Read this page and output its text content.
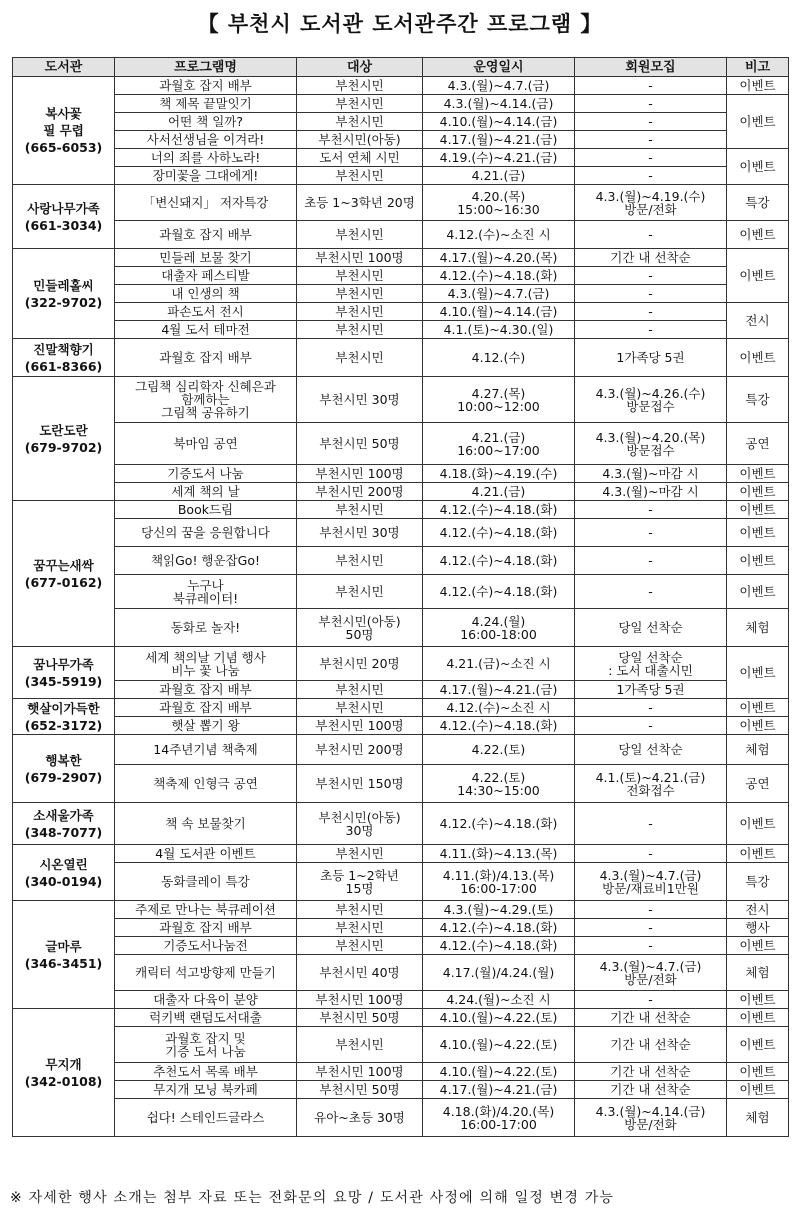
【 부천시 도서관 도서관주간 프로그램 】
도서관	프로그램명	대상	운영일시	회원모집	비고

복사꽃
필 무렵
(665-6053)	과월호 잡지 배부	부천시민	4.3.(월)~4.7.(금)	-	이벤트
	책 제목 끝말잇기	부천시민	4.3.(월)~4.14.(금)	-	이벤트
	어떤 책 일까?	부천시민	4.10.(월)~4.14.(금)	-	
	사서선생님을 이겨라!	부천시민(아동)	4.17.(월)~4.21.(금)	-	
	너의 죄를 사하노라!	도서 연체 시민	4.19.(수)~4.21.(금)	-	이벤트
	장미꽃을 그대에게!	부천시민	4.21.(금)	-	

사랑나무가족
(661-3034)	「변신돼지」 저자특강	초등 1~3학년 20명	4.20.(목)
15:00~16:30	4.3.(월)~4.19.(수)
방문/전화	특강
	과월호 잡지 배부	부천시민	4.12.(수)~소진 시	-	이벤트

민들레홀씨
(322-9702)	민들레 보물 찾기	부천시민 100명	4.17.(월)~4.20.(목)	기간 내 선착순	이벤트
	대출자 페스티발	부천시민	4.12.(수)~4.18.(화)	-	
	내 인생의 책	부천시민	4.3.(월)~4.7.(금)	-	
	파손도서 전시	부천시민	4.10.(월)~4.14.(금)	-	전시
	4월 도서 테마전	부천시민	4.1.(토)~4.30.(일)	-	

진말책향기
(661-8366)	과월호 잡지 배부	부천시민	4.12.(수)	1가족당 5권	이벤트

도란도란
(679-9702)	그림책 심리학자 신혜은과
함께하는
그림책 공유하기	부천시민 30명	4.27.(목)
10:00~12:00	4.3.(월)~4.26.(수)
방문접수	특강
	북마임 공연	부천시민 50명	4.21.(금)
16:00~17:00	4.3.(월)~4.20.(목)
방문접수	공연
	기증도서 나눔	부천시민 100명	4.18.(화)~4.19.(수)	4.3.(월)~마감 시	이벤트
	세계 책의 날	부천시민 200명	4.21.(금)	4.3.(월)~마감 시	이벤트

꿈꾸는새싹
(677-0162)	Book드림	부천시민	4.12.(수)~4.18.(화)	-	이벤트
	당신의 꿈을 응원합니다	부천시민 30명	4.12.(수)~4.18.(화)	-	이벤트
	책읽Go! 행운잡Go!	부천시민	4.12.(수)~4.18.(화)	-	이벤트
	누구나
북큐레이터!	부천시민	4.12.(수)~4.18.(화)	-	이벤트
	동화로 놀자!	부천시민(아동)
50명	4.24.(월)
16:00-18:00	당일 선착순	체험

꿈나무가족
(345-5919)	세계 책의날 기념 행사
비누 꽃 나눔	부천시민 20명	4.21.(금)~소진 시	당일 선착순
: 도서 대출시민	이벤트
	과월호 잡지 배부	부천시민	4.17.(월)~4.21.(금)	1가족당 5권	

햇살이가득한
(652-3172)	과월호 잡지 배부	부천시민	4.12.(수)~소진 시	-	이벤트
	햇살 뽑기 왕	부천시민 100명	4.12.(수)~4.18.(화)	-	이벤트

행복한
(679-2907)	14주년기념 책축제	부천시민 200명	4.22.(토)	당일 선착순	체험
	책축제 인형극 공연	부천시민 150명	4.22.(토)
14:30~15:00	4.1.(토)~4.21.(금)
전화접수	공연

소새울가족
(348-7077)	책 속 보물찾기	부천시민(아동)
30명	4.12.(수)~4.18.(화)	-	이벤트

시온열린
(340-0194)	4월 도서관 이벤트	부천시민	4.11.(화)~4.13.(목)	-	이벤트
	동화클레이 특강	초등 1~2학년
15명	4.11.(화)/4.13.(목)
16:00-17:00	4.3.(월)~4.7.(금)
방문/재료비1만원	특강

글마루
(346-3451)	주제로 만나는 북큐레이션	부천시민	4.3.(월)~4.29.(토)	-	전시
	과월호 잡지 배부	부천시민	4.12.(수)~4.18.(화)	-	행사
	기증도서나눔전	부천시민	4.12.(수)~4.18.(화)	-	이벤트
	캐릭터 석고방향제 만들기	부천시민 40명	4.17.(월)/4.24.(월)	4.3.(월)~4.7.(금)
방문/전화	체험
	대출자 다육이 분양	부천시민 100명	4.24.(월)~소진 시	-	이벤트

무지개
(342-0108)	럭키백 랜덤도서대출	부천시민 50명	4.10.(월)~4.22.(토)	기간 내 선착순	이벤트
	과월호 잡지 및
기증 도서 나눔	부천시민	4.10.(월)~4.22.(토)	기간 내 선착순	이벤트
	추천도서 목록 배부	부천시민 100명	4.10.(월)~4.22.(토)	기간 내 선착순	이벤트
	무지개 모닝 북카페	부천시민 50명	4.17.(월)~4.21.(금)	기간 내 선착순	이벤트
	쉽다! 스테인드글라스	유아~초등 30명	4.18.(화)/4.20.(목)
16:00-17:00	4.3.(월)~4.14.(금)
방문/전화	체험
※ 자세한 행사 소개는 첨부 자료 또는 전화문의 요망 / 도서관 사정에 의해 일정 변경 가능
